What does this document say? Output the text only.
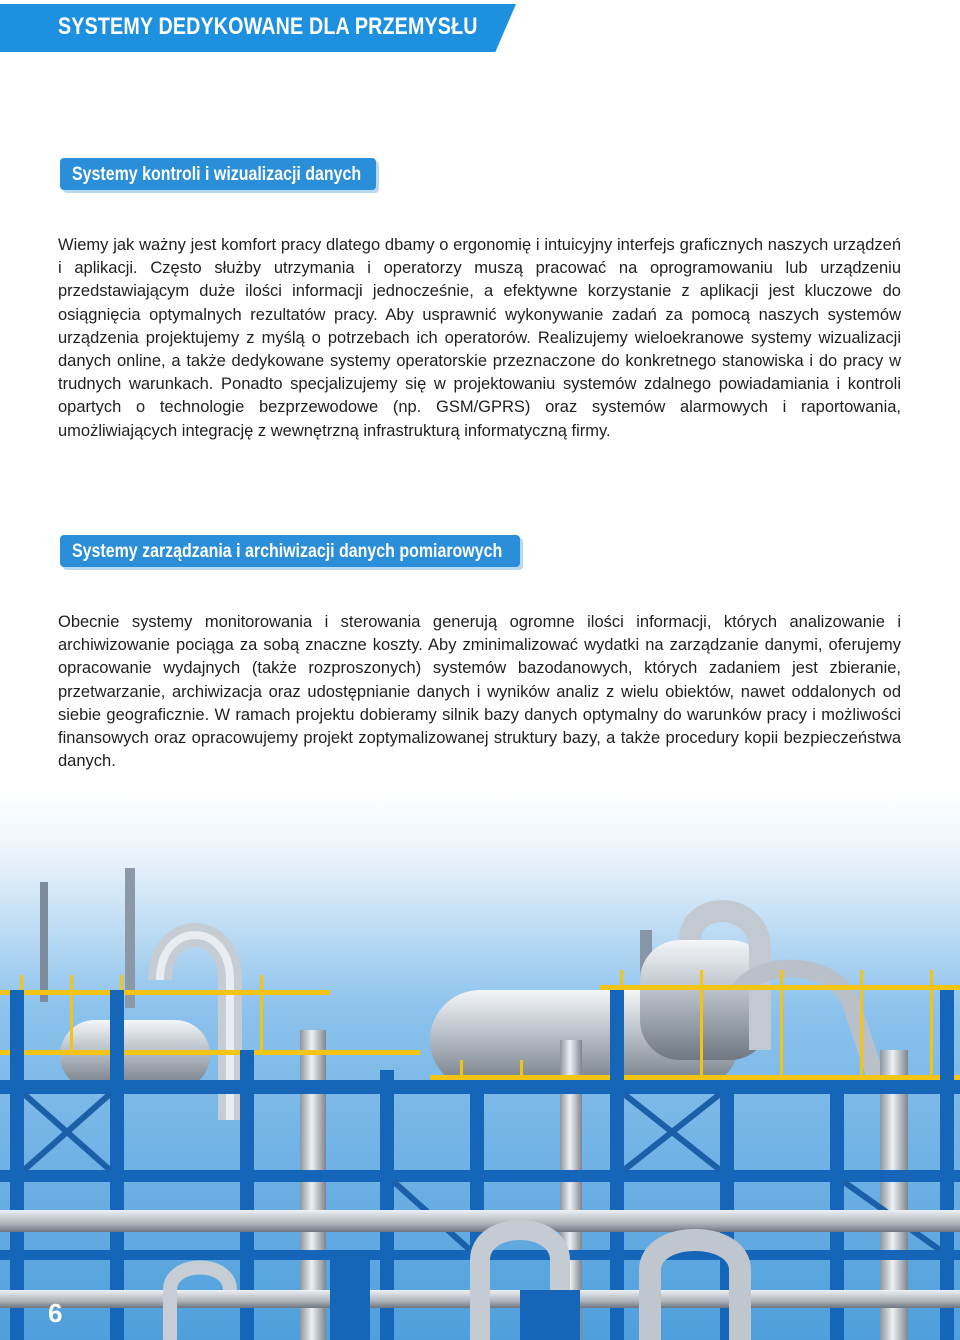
SYSTEMY DEDYKOWANE DLA PRZEMYSŁU
Systemy kontroli i wizualizacji danych
Wiemy jak ważny jest komfort pracy dlatego dbamy o ergonomię i intuicyjny interfejs graficznych naszych urządzeń i aplikacji. Często służby utrzymania i operatorzy muszą pracować na oprogramowaniu lub urządzeniu przedstawiającym duże ilości informacji jednocześnie, a efektywne korzystanie z aplikacji jest kluczowe do osiągnięcia optymalnych rezultatów pracy. Aby usprawnić wykonywanie zadań za pomocą naszych systemów urządzenia projektujemy z myślą o potrzebach ich operatorów. Realizujemy wieloekranowe systemy wizualizacji danych online, a także dedykowane systemy operatorskie przeznaczone do konkretnego stanowiska i do pracy w trudnych warunkach. Ponadto specjalizujemy się w projektowaniu systemów zdalnego powiadamiania i kontroli opartych o technologie bezprzewodowe (np. GSM/GPRS) oraz systemów alarmowych i raportowania, umożliwiających integrację z wewnętrzną infrastrukturą informatyczną firmy.
Systemy zarządzania i archiwizacji danych pomiarowych
Obecnie systemy monitorowania i sterowania generują ogromne ilości informacji, których analizowanie i archiwizowanie pociąga za sobą znaczne koszty. Aby zminimalizować wydatki na zarządzanie danymi, oferujemy opracowanie wydajnych (także rozproszonych) systemów bazodanowych, których zadaniem jest zbieranie, przetwarzanie, archiwizacja oraz udostępnianie danych i wyników analiz z wielu obiektów, nawet oddalonych od siebie geograficznie. W ramach projektu dobieramy silnik bazy danych optymalny do warunków pracy i możliwości finansowych oraz opracowujemy projekt zoptymalizowanej struktury bazy, a także procedury kopii bezpieczeństwa danych.
6
